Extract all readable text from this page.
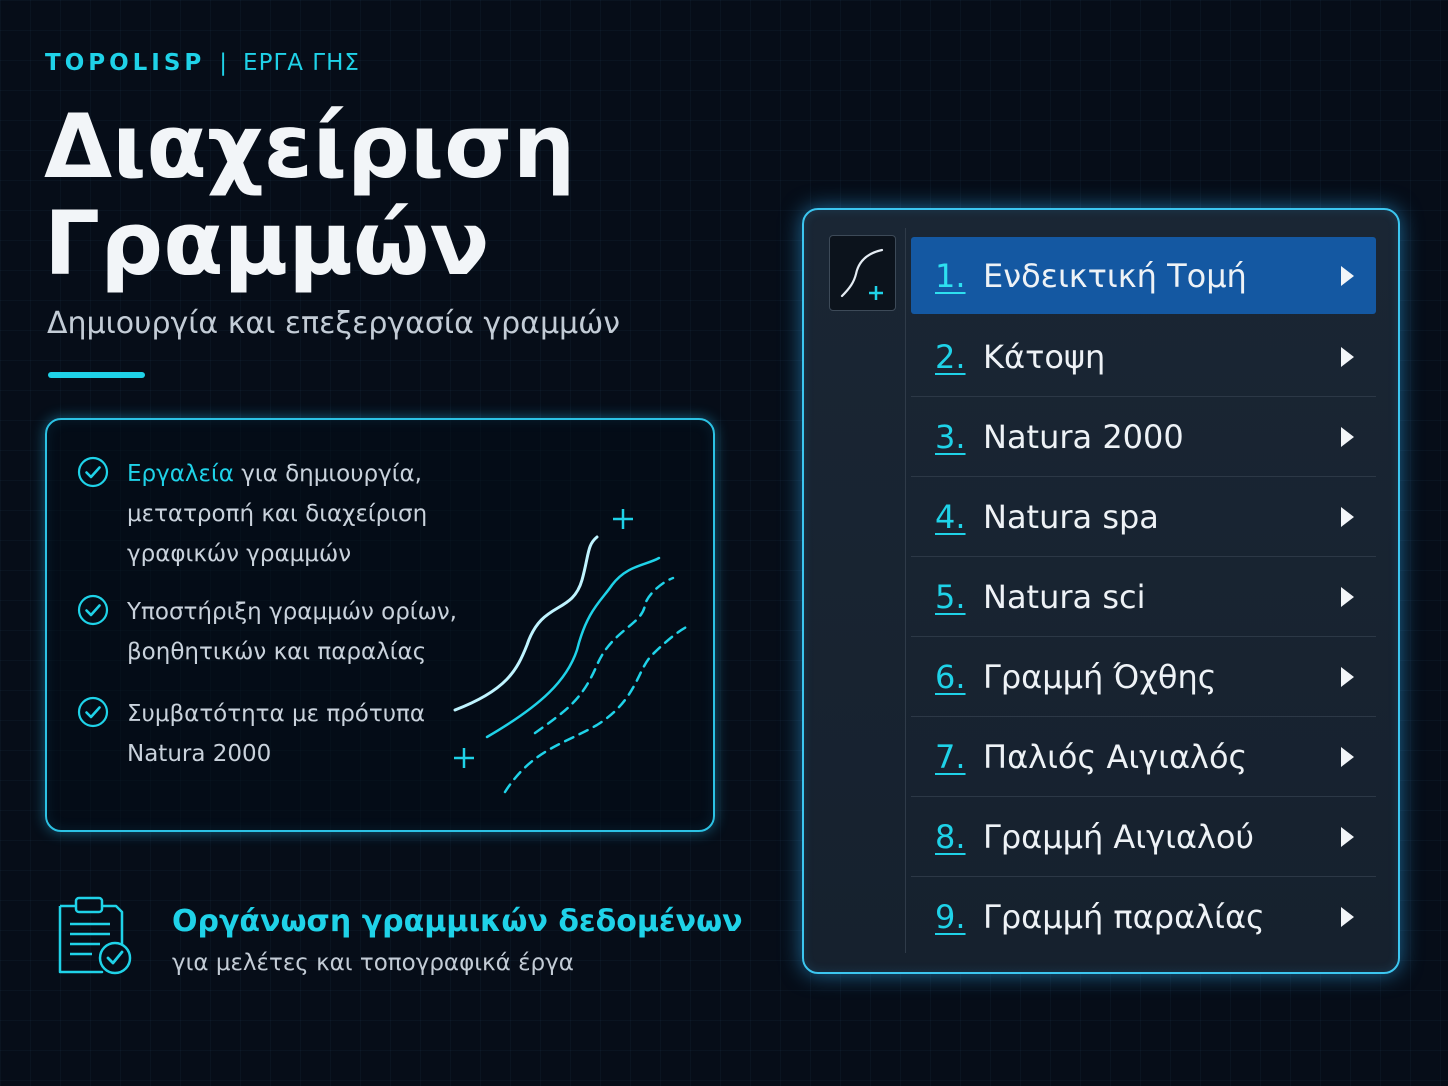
TOPOLISP | ΕΡΓΑ ΓΗΣ
Διαχείριση
Γραμμών
Δημιουργία και επεξεργασία γραμμών
Εργαλεία για δημιουργία,
μετατροπή και διαχείριση
γραφικών γραμμών
Υποστήριξη γραμμών ορίων,
βοηθητικών και παραλίας
Συμβατότητα με πρότυπα
Natura 2000
Οργάνωση γραμμικών δεδομένων
για μελέτες και τοπογραφικά έργα
1. Ενδεικτική Τομή
2. Κάτοψη
3. Natura 2000
4. Natura spa
5. Natura sci
6. Γραμμή Όχθης
7. Παλιός Αιγιαλός
8. Γραμμή Αιγιαλού
9. Γραμμή παραλίας
